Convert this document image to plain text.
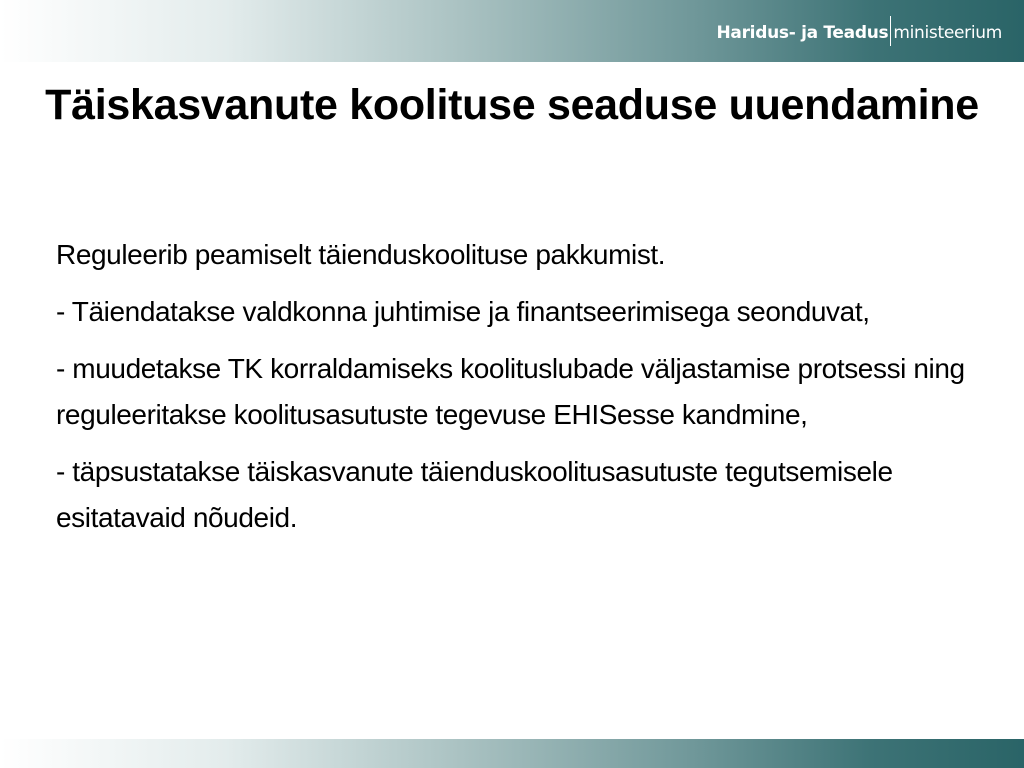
Haridus- ja Teadus ministeerium
Täiskasvanute koolituse seaduse uuendamine

Reguleerib peamiselt täienduskoolituse pakkumist.

- Täiendatakse valdkonna juhtimise ja finantseerimisega seonduvat,

- muudetakse TK korraldamiseks koolituslubade väljastamise protsessi ning reguleeritakse koolitusasutuste tegevuse EHISesse kandmine,

- täpsustatakse täiskasvanute täienduskoolitusasutuste tegutsemisele esitatavaid nõudeid.
